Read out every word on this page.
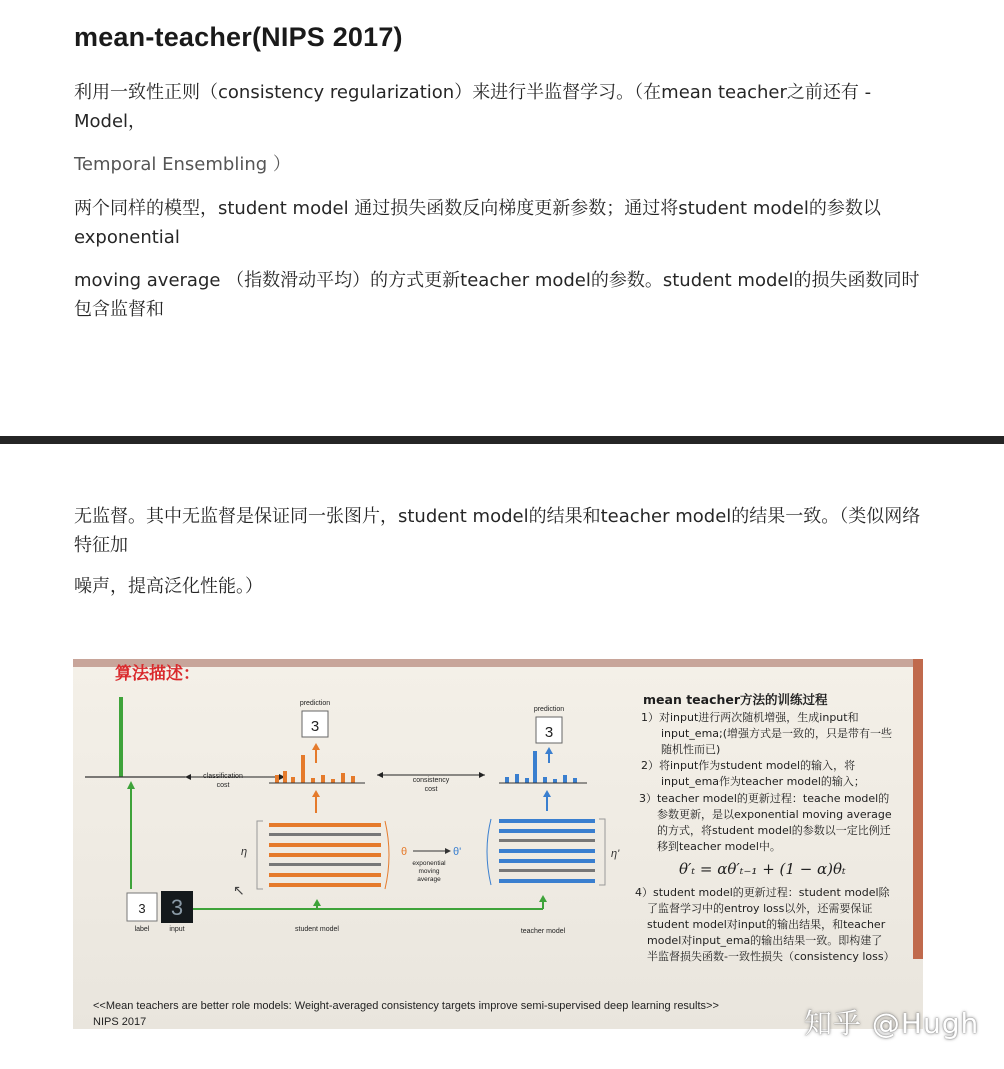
mean-teacher(NIPS 2017)

利用一致性正则（consistency regularization）来进行半监督学习。（在mean teacher之前还有 -Model，

Temporal Ensembling ）

两个同样的模型，student model 通过损失函数反向梯度更新参数；通过将student model的参数以exponential

moving average （指数滑动平均）的方式更新teacher model的参数。student model的损失函数同时包含监督和

无监督。其中无监督是保证同一张图片，student model的结果和teacher model的结果一致。（类似网络特征加

噪声，提高泛化性能。）

算法描述：
classification
cost
prediction
3
consistency
cost
prediction
3
η	θ	θ'
exponential
moving
average
η'
3 3
label	input	student model	teacher model
↖
mean teacher方法的训练过程
1）对input进行两次随机增强，生成input和
input_ema;(增强方式是一致的，只是带有一些
随机性而已)
2）将input作为student model的输入，将
input_ema作为teacher model的输入；
3）teacher model的更新过程：teache model的
参数更新，是以exponential moving average
的方式，将student model的参数以一定比例迁
移到teacher model中。
θ′ₜ = αθ′ₜ₋₁ + (1 − α)θₜ
4）student model的更新过程：student model除
了监督学习中的entroy loss以外，还需要保证
student model对input的输出结果，和teacher
model对input_ema的输出结果一致。即构建了
半监督损失函数-一致性损失（consistency loss）
<<Mean teachers are better role models: Weight-averaged consistency targets improve semi-supervised deep learning results>>
NIPS 2017	知乎 @Hugh
